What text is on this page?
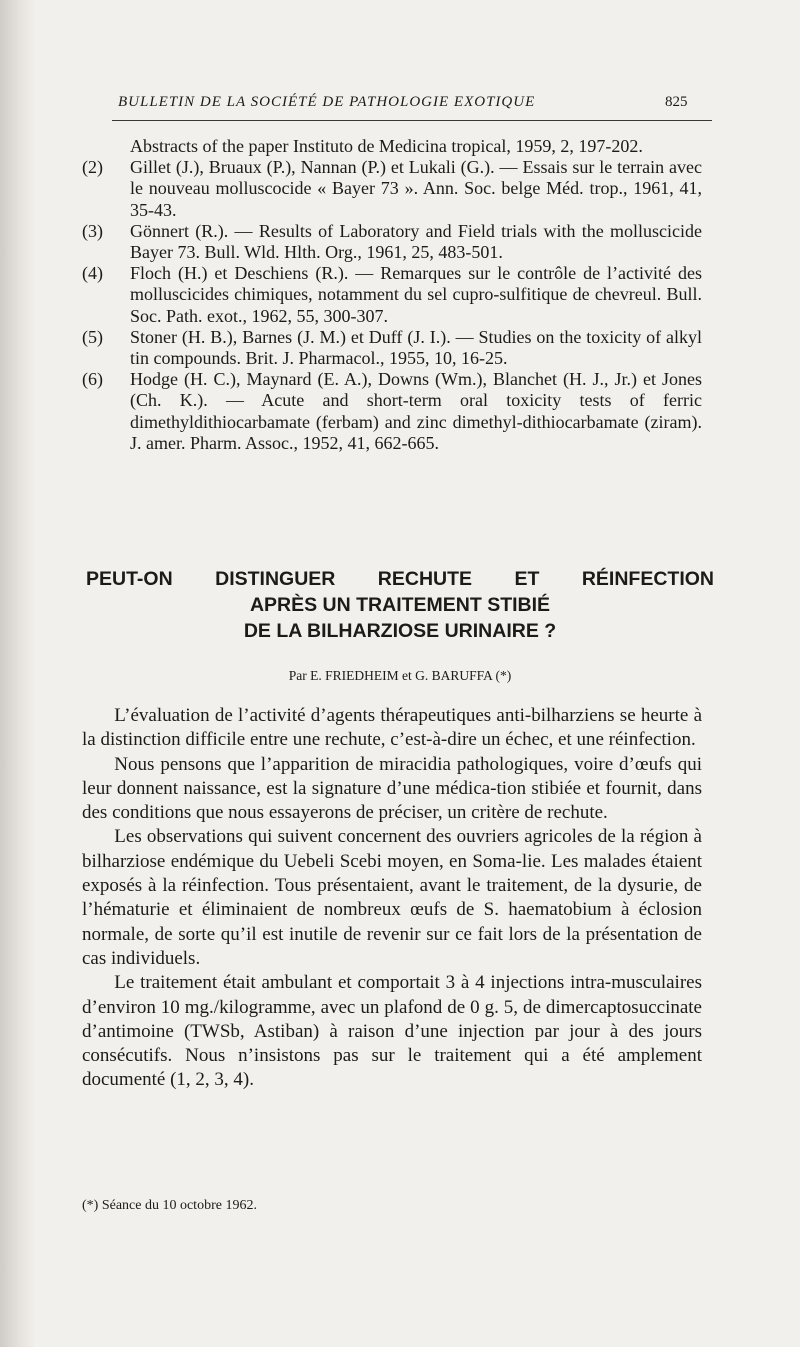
BULLETIN DE LA SOCIÉTÉ DE PATHOLOGIE EXOTIQUE	825
Abstracts of the paper Instituto de Medicina tropical, 1959, 2, 197-202.
(2) Gillet (J.), Bruaux (P.), Nannan (P.) et Lukali (G.). — Essais sur le terrain avec le nouveau molluscocide « Bayer 73 ». Ann. Soc. belge Méd. trop., 1961, 41, 35-43.
(3) Gönnert (R.). — Results of Laboratory and Field trials with the molluscicide Bayer 73. Bull. Wld. Hlth. Org., 1961, 25, 483-501.
(4) Floch (H.) et Deschiens (R.). — Remarques sur le contrôle de l’activité des molluscicides chimiques, notamment du sel cupro-sulfitique de chevreul. Bull. Soc. Path. exot., 1962, 55, 300-307.
(5) Stoner (H. B.), Barnes (J. M.) et Duff (J. I.). — Studies on the toxicity of alkyl tin compounds. Brit. J. Pharmacol., 1955, 10, 16-25.
(6) Hodge (H. C.), Maynard (E. A.), Downs (Wm.), Blanchet (H. J., Jr.) et Jones (Ch. K.). — Acute and short-term oral toxicity tests of ferric dimethyldithiocarbamate (ferbam) and zinc dimethyl-dithiocarbamate (ziram). J. amer. Pharm. Assoc., 1952, 41, 662-665.
PEUT-ON DISTINGUER RECHUTE ET RÉINFECTION
APRÈS UN TRAITEMENT STIBIÉ
DE LA BILHARZIOSE URINAIRE ?
Par E. FRIEDHEIM et G. BARUFFA (*)

L’évaluation de l’activité d’agents thérapeutiques anti-bilharziens se heurte à la distinction difficile entre une rechute, c’est-à-dire un échec, et une réinfection.

Nous pensons que l’apparition de miracidia pathologiques, voire d’œufs qui leur donnent naissance, est la signature d’une médica-tion stibiée et fournit, dans des conditions que nous essayerons de préciser, un critère de rechute.

Les observations qui suivent concernent des ouvriers agricoles de la région à bilharziose endémique du Uebeli Scebi moyen, en Soma-lie. Les malades étaient exposés à la réinfection. Tous présentaient, avant le traitement, de la dysurie, de l’hématurie et éliminaient de nombreux œufs de S. haematobium à éclosion normale, de sorte qu’il est inutile de revenir sur ce fait lors de la présentation de cas individuels.

Le traitement était ambulant et comportait 3 à 4 injections intra-musculaires d’environ 10 mg./kilogramme, avec un plafond de 0 g. 5, de dimercaptosuccinate d’antimoine (TWSb, Astiban) à raison d’une injection par jour à des jours consécutifs. Nous n’insistons pas sur le traitement qui a été amplement documenté (1, 2, 3, 4).

(*) Séance du 10 octobre 1962.
